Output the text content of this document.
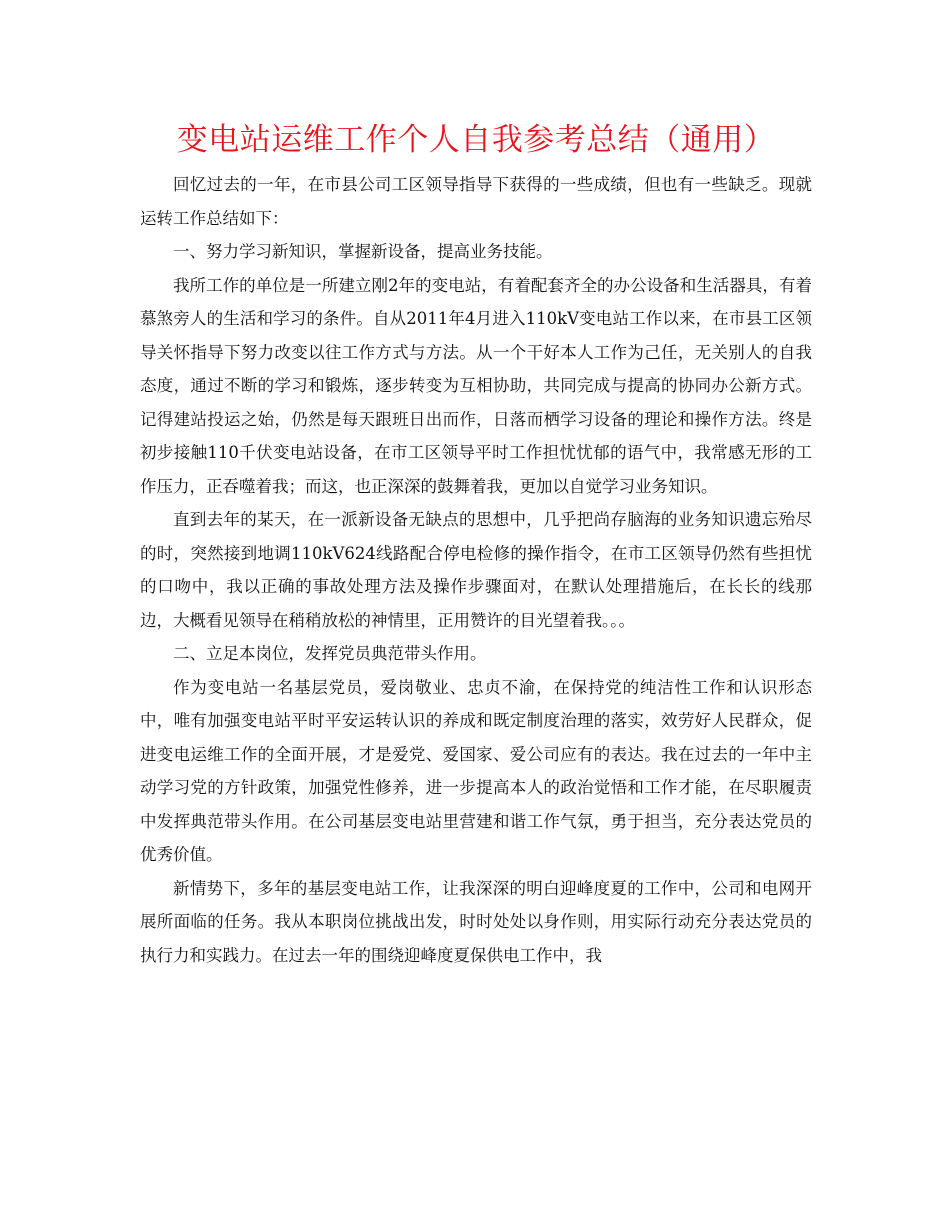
变电站运维工作个人自我参考总结（通用）

回忆过去的一年，在市县公司工区领导指导下获得的一些成绩，但也有一些缺乏。现就运转工作总结如下：

一、努力学习新知识，掌握新设备，提高业务技能。

我所工作的单位是一所建立刚2年的变电站，有着配套齐全的办公设备和生活器具，有着慕煞旁人的生活和学习的条件。自从2011年4月进入110kV变电站工作以来，在市县工区领导关怀指导下努力改变以往工作方式与方法。从一个干好本人工作为己任，无关别人的自我态度，通过不断的学习和锻炼，逐步转变为互相协助，共同完成与提高的协同办公新方式。记得建站投运之始，仍然是每天跟班日出而作，日落而栖学习设备的理论和操作方法。终是初步接触110千伏变电站设备，在市工区领导平时工作担忧忧郁的语气中，我常感无形的工作压力，正吞噬着我；而这，也正深深的鼓舞着我，更加以自觉学习业务知识。

直到去年的某天，在一派新设备无缺点的思想中，几乎把尚存脑海的业务知识遗忘殆尽的时，突然接到地调110kV624线路配合停电检修的操作指令，在市工区领导仍然有些担忧的口吻中，我以正确的事故处理方法及操作步骤面对，在默认处理措施后，在长长的线那边，大概看见领导在稍稍放松的神情里，正用赞许的目光望着我。。。

二、立足本岗位，发挥党员典范带头作用。

作为变电站一名基层党员，爱岗敬业、忠贞不渝，在保持党的纯洁性工作和认识形态中，唯有加强变电站平时平安运转认识的养成和既定制度治理的落实，效劳好人民群众，促进变电运维工作的全面开展，才是爱党、爱国家、爱公司应有的表达。我在过去的一年中主动学习党的方针政策，加强党性修养，进一步提高本人的政治觉悟和工作才能，在尽职履责中发挥典范带头作用。在公司基层变电站里营建和谐工作气氛，勇于担当，充分表达党员的优秀价值。

新情势下，多年的基层变电站工作，让我深深的明白迎峰度夏的工作中，公司和电网开展所面临的任务。我从本职岗位挑战出发，时时处处以身作则，用实际行动充分表达党员的执行力和实践力。在过去一年的围绕迎峰度夏保供电工作中，我
